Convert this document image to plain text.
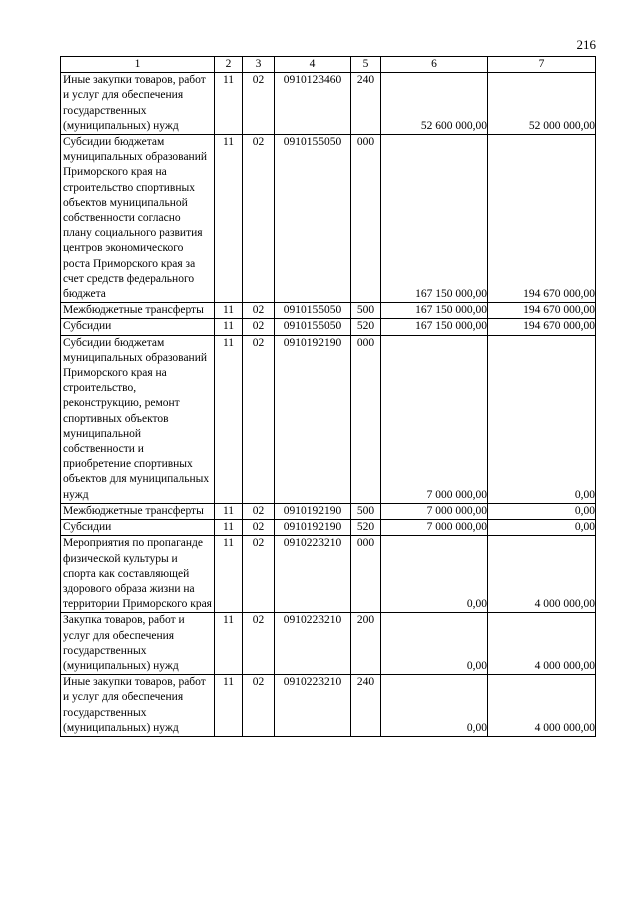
216
1	2	3	4	5	6	7
Иные закупки товаров, работ и услуг для обеспечения государственных (муниципальных) нужд	11	02	0910123460	240	52 600 000,00	52 000 000,00
Субсидии бюджетам муниципальных образований Приморского края на строительство спортивных объектов муниципальной собственности согласно плану социального развития центров экономического роста Приморского края за счет средств федерального бюджета	11	02	0910155050	000	167 150 000,00	194 670 000,00
Межбюджетные трансферты	11	02	0910155050	500	167 150 000,00	194 670 000,00
Субсидии	11	02	0910155050	520	167 150 000,00	194 670 000,00
Субсидии бюджетам муниципальных образований Приморского края на строительство, реконструкцию, ремонт спортивных объектов муниципальной собственности и приобретение спортивных объектов для муниципальных нужд	11	02	0910192190	000	7 000 000,00	0,00
Межбюджетные трансферты	11	02	0910192190	500	7 000 000,00	0,00
Субсидии	11	02	0910192190	520	7 000 000,00	0,00
Мероприятия по пропаганде физической культуры и спорта как составляющей здорового образа жизни на территории Приморского края	11	02	0910223210	000	0,00	4 000 000,00
Закупка товаров, работ и услуг для обеспечения государственных (муниципальных) нужд	11	02	0910223210	200	0,00	4 000 000,00
Иные закупки товаров, работ и услуг для обеспечения государственных (муниципальных) нужд	11	02	0910223210	240	0,00	4 000 000,00
